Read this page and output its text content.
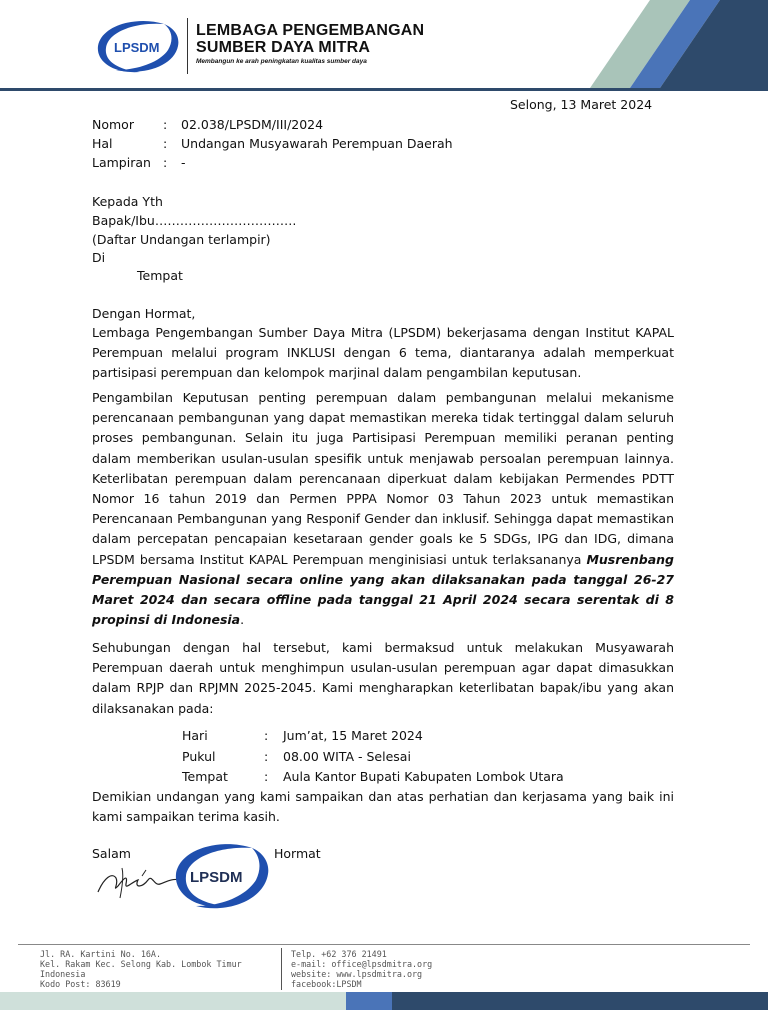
LPSDM
LEMBAGA PENGEMBANGAN
SUMBER DAYA MITRA
Membangun ke arah peningkatan kualitas sumber daya
Selong, 13 Maret 2024
Nomor : 02.038/LPSDM/III/2024
Hal	: Undangan Musyawarah Perempuan Daerah
Lampiran : -
Kepada Yth
Bapak/Ibu…………………………….
(Daftar Undangan terlampir)
Di
Tempat
Dengan Hormat,
Lembaga Pengembangan Sumber Daya Mitra (LPSDM) bekerjasama dengan Institut KAPAL Perempuan melalui program INKLUSI dengan 6 tema, diantaranya adalah memperkuat partisipasi perempuan dan kelompok marjinal dalam pengambilan keputusan.
Pengambilan Keputusan penting perempuan dalam pembangunan melalui mekanisme perencanaan pembangunan yang dapat memastikan mereka tidak tertinggal dalam seluruh proses pembangunan. Selain itu juga Partisipasi Perempuan memiliki peranan penting dalam memberikan usulan-usulan spesifik untuk menjawab persoalan perempuan lainnya. Keterlibatan perempuan dalam perencanaan diperkuat dalam kebijakan Permendes PDTT Nomor 16 tahun 2019 dan Permen PPPA Nomor 03 Tahun 2023 untuk memastikan Perencanaan Pembangunan yang Responif Gender dan inklusif. Sehingga dapat memastikan dalam percepatan pencapaian kesetaraan gender goals ke 5 SDGs, IPG dan IDG, dimana LPSDM bersama Institut KAPAL Perempuan menginisiasi untuk terlaksananya Musrenbang Perempuan Nasional secara online yang akan dilaksanakan pada tanggal 26-27 Maret 2024 dan secara offline pada tanggal 21 April 2024 secara serentak di 8 propinsi di Indonesia.
Sehubungan dengan hal tersebut, kami bermaksud untuk melakukan Musyawarah Perempuan daerah untuk menghimpun usulan-usulan perempuan agar dapat dimasukkan dalam RPJP dan RPJMN 2025-2045. Kami mengharapkan keterlibatan bapak/ibu yang akan dilaksanakan pada:
Hari	: Jum’at, 15 Maret 2024
Pukul	: 08.00 WITA - Selesai
Tempat	: Aula Kantor Bupati Kabupaten Lombok Utara
Demikian undangan yang kami sampaikan dan atas perhatian dan kerjasama yang baik ini kami sampaikan terima kasih.
Salam	Hormat
LPSDM
Jl. RA. Kartini No. 16A.
Kel. Rakam Kec. Selong Kab. Lombok Timur
Indonesia
Kodo Post: 83619
Telp. +62 376 21491
e-mail: office@lpsdmitra.org
website: www.lpsdmitra.org
facebook:LPSDM
